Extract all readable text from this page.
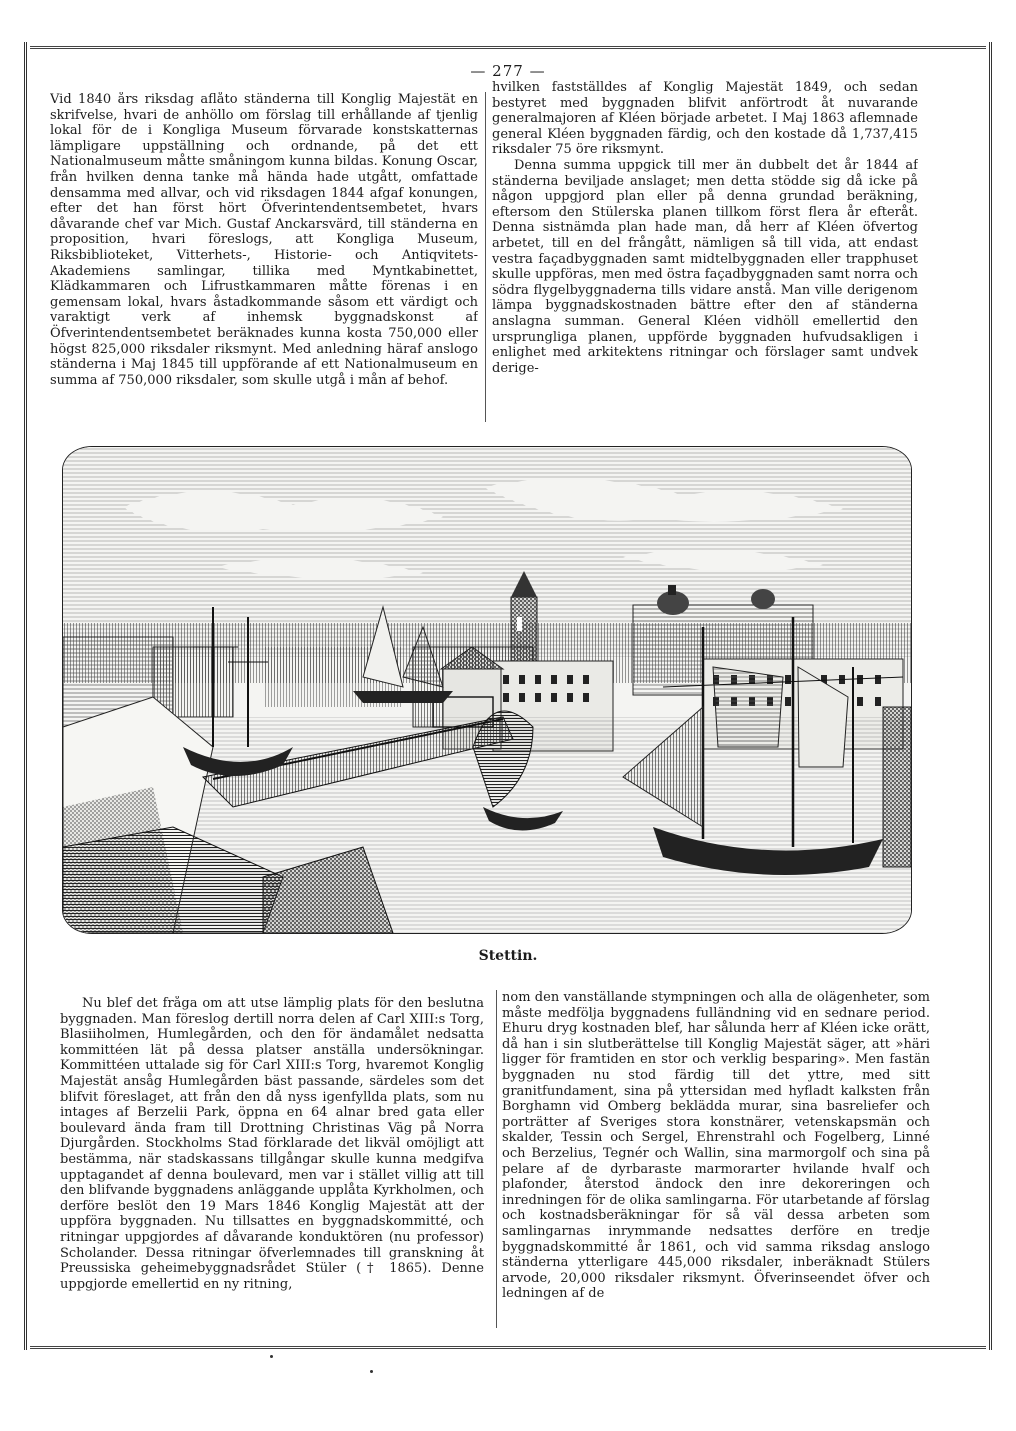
— 277 —

Vid 1840 års riksdag aflåto ständerna till Konglig Majestät en skrifvelse, hvari de anhöllo om förslag till erhållande af tjenlig lokal för de i Kongliga Museum förvarade konstskatternas lämpligare uppställning och ordnande, på det ett Nationalmuseum måtte småningom kunna bildas. Konung Oscar, från hvilken denna tanke må hända hade utgått, omfattade densamma med allvar, och vid riksdagen 1844 afgaf konungen, efter det han först hört Öfverintendentsembetet, hvars dåvarande chef var Mich. Gustaf Anckarsvärd, till ständerna en proposition, hvari föreslogs, att Kongliga Museum, Riksbiblioteket, Vitterhets-, Historie- och Antiqvitets-Akademiens samlingar, tillika med Myntkabinettet, Klädkammaren och Lifrustkammaren måtte förenas i en gemensam lokal, hvars åstadkommande såsom ett värdigt och varaktigt verk af inhemsk byggnadskonst af Öfverintendentsembetet beräknades kunna kosta 750,000 eller högst 825,000 riksdaler riksmynt. Med anledning häraf anslogo ständerna i Maj 1845 till uppförande af ett Nationalmuseum en summa af 750,000 riksdaler, som skulle utgå i mån af behof.

hvilken fastställdes af Konglig Majestät 1849, och sedan bestyret med byggnaden blifvit anförtrodt åt nuvarande generalmajoren af Kléen började arbetet. I Maj 1863 aflemnade general Kléen byggnaden färdig, och den kostade då 1,737,415 riksdaler 75 öre riksmynt.

Denna summa uppgick till mer än dubbelt det år 1844 af ständerna beviljade anslaget; men detta stödde sig då icke på någon uppgjord plan eller på denna grundad beräkning, eftersom den Stülerska planen tillkom först flera år efteråt. Denna sistnämda plan hade man, då herr af Kléen öfvertog arbetet, till en del frångått, nämligen så till vida, att endast vestra façadbyggnaden samt midtelbyggnaden eller trapphuset skulle uppföras, men med östra façadbyggnaden samt norra och södra flygelbyggnaderna tills vidare anstå. Man ville derigenom lämpa byggnadskostnaden bättre efter den af ständerna anslagna summan. General Kléen vidhöll emellertid den ursprungliga planen, uppförde byggnaden hufvudsakligen i enlighet med arkitektens ritningar och förslager samt undvek derige-

Stettin.

Nu blef det fråga om att utse lämplig plats för den beslutna byggnaden. Man föreslog dertill norra delen af Carl XIII:s Torg, Blasiiholmen, Humlegården, och den för ändamålet nedsatta kommittéen lät på dessa platser anställa undersökningar. Kommittéen uttalade sig för Carl XIII:s Torg, hvaremot Konglig Majestät ansåg Humlegården bäst passande, särdeles som det blifvit föreslaget, att från den då nyss igenfyllda plats, som nu intages af Berzelii Park, öppna en 64 alnar bred gata eller boulevard ända fram till Drottning Christinas Väg på Norra Djurgården. Stockholms Stad förklarade det likväl omöjligt att bestämma, när stadskassans tillgångar skulle kunna medgifva upptagandet af denna boulevard, men var i stället villig att till den blifvande byggnadens anläggande upplåta Kyrkholmen, och derföre beslöt den 19 Mars 1846 Konglig Majestät att der uppföra byggnaden. Nu tillsattes en byggnadskommitté, och ritningar uppgjordes af dåvarande konduktören (nu professor) Scholander. Dessa ritningar öfverlemnades till granskning åt Preussiska geheimebyggnadsrådet Stüler († 1865). Denne uppgjorde emellertid en ny ritning,

nom den vanställande stympningen och alla de olägenheter, som måste medfölja byggnadens fulländning vid en sednare period. Ehuru dryg kostnaden blef, har sålunda herr af Kléen icke orätt, då han i sin slutberättelse till Konglig Majestät säger, att »häri ligger för framtiden en stor och verklig besparing». Men fastän byggnaden nu stod färdig till det yttre, med sitt granitfundament, sina på yttersidan med hyfladt kalksten från Borghamn vid Omberg beklädda murar, sina basreliefer och porträtter af Sveriges stora konstnärer, vetenskapsmän och skalder, Tessin och Sergel, Ehrenstrahl och Fogelberg, Linné och Berzelius, Tegnér och Wallin, sina marmorgolf och sina på pelare af de dyrbaraste marmorarter hvilande hvalf och plafonder, återstod ändock den inre dekoreringen och inredningen för de olika samlingarna. För utarbetande af förslag och kostnadsberäkningar för så väl dessa arbeten som samlingarnas inrymmande nedsattes derföre en tredje byggnadskommitté år 1861, och vid samma riksdag anslogo ständerna ytterligare 445,000 riksdaler, inberäknadt Stülers arvode, 20,000 riksdaler riksmynt. Öfverinseendet öfver och ledningen af de
